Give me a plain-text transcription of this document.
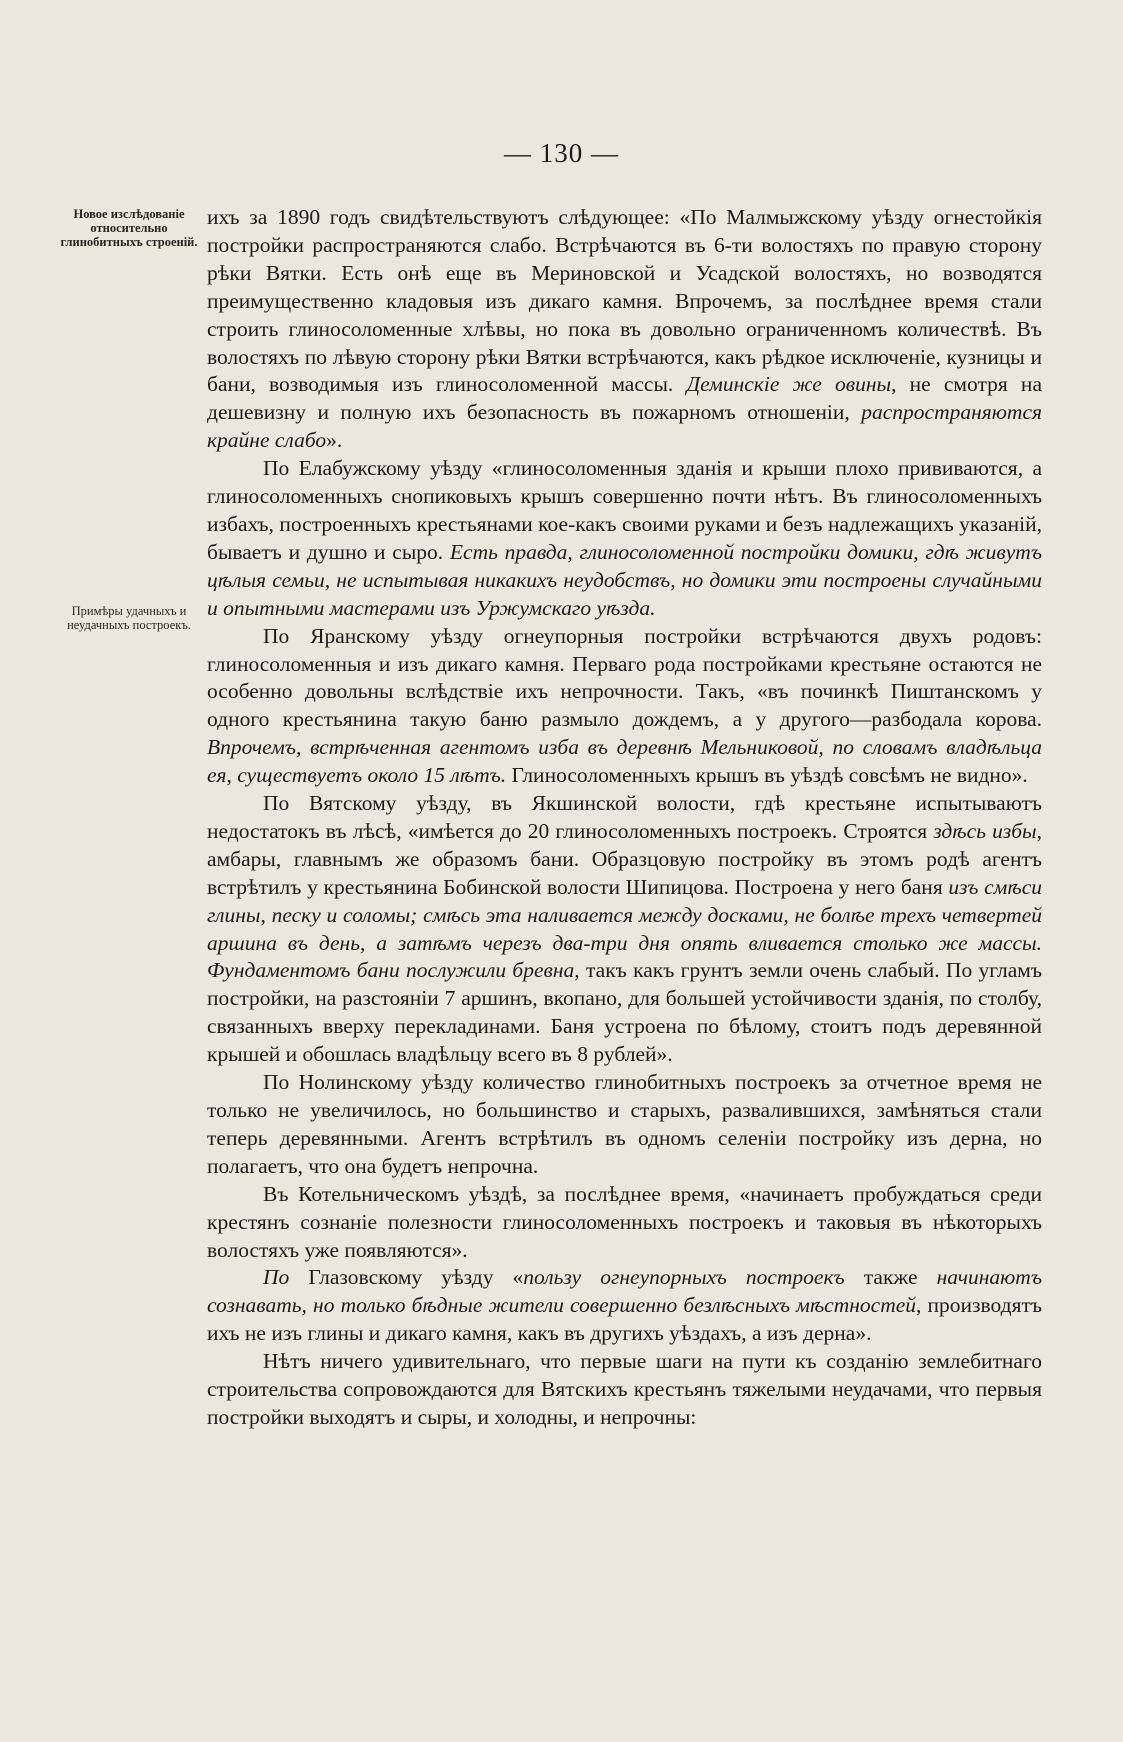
— 130 —
Новое изслѣдованіе относительно глинобитныхъ строеній.
Примѣры удачныхъ и неудачныхъ построекъ.

ихъ за 1890 годъ свидѣтельствуютъ слѣдующее: «По Малмыжскому уѣзду огнестойкія постройки распространяются слабо. Встрѣчаются въ 6-ти волостяхъ по правую сторону рѣки Вятки. Есть онѣ еще въ Мериновской и Усадской волостяхъ, но возводятся преимущественно кладовыя изъ дикаго камня. Впрочемъ, за послѣднее время стали строить глиносоломенные хлѣвы, но пока въ довольно ограниченномъ количествѣ. Въ волостяхъ по лѣвую сторону рѣки Вятки встрѣчаются, какъ рѣдкое исключеніе, кузницы и бани, возводимыя изъ глиносоломенной массы. Деминскіе же овины, не смотря на дешевизну и полную ихъ безопасность въ пожарномъ отношеніи, распространяются крайне слабо».

По Елабужскому уѣзду «глиносоломенныя зданія и крыши плохо прививаются, а глиносоломенныхъ снопиковыхъ крышъ совершенно почти нѣтъ. Въ глиносоломенныхъ избахъ, построенныхъ крестьянами кое-какъ своими руками и безъ надлежащихъ указаній, бываетъ и душно и сыро. Есть правда, глиносоломенной постройки домики, гдѣ живутъ цѣлыя семьи, не испытывая никакихъ неудобствъ, но домики эти построены случайными и опытными мастерами изъ Уржумскаго уѣзда.

По Яранскому уѣзду огнеупорныя постройки встрѣчаются двухъ родовъ: глиносоломенныя и изъ дикаго камня. Перваго рода постройками крестьяне остаются не особенно довольны вслѣдствіе ихъ непрочности. Такъ, «въ починкѣ Пиштанскомъ у одного крестьянина такую баню размыло дождемъ, а у другого—разбодала корова. Впрочемъ, встрѣченная агентомъ изба въ деревнѣ Мельниковой, по словамъ владѣльца ея, существуетъ около 15 лѣтъ. Глиносоломенныхъ крышъ въ уѣздѣ совсѣмъ не видно».

По Вятскому уѣзду, въ Якшинской волости, гдѣ крестьяне испытываютъ недостатокъ въ лѣсѣ, «имѣется до 20 глиносоломенныхъ построекъ. Строятся здѣсь избы, амбары, главнымъ же образомъ бани. Образцовую постройку въ этомъ родѣ агентъ встрѣтилъ у крестьянина Бобинской волости Шипицова. Построена у него баня изъ смѣси глины, песку и соломы; смѣсь эта наливается между досками, не болѣе трехъ четвертей аршина въ день, а затѣмъ черезъ два-три дня опять вливается столько же массы. Фундаментомъ бани послужили бревна, такъ какъ грунтъ земли очень слабый. По угламъ постройки, на разстояніи 7 аршинъ, вкопано, для большей устойчивости зданія, по столбу, связанныхъ вверху перекладинами. Баня устроена по бѣлому, стоитъ подъ деревянной крышей и обошлась владѣльцу всего въ 8 рублей».

По Нолинскому уѣзду количество глинобитныхъ построекъ за отчетное время не только не увеличилось, но большинство и старыхъ, развалившихся, замѣняться стали теперь деревянными. Агентъ встрѣтилъ въ одномъ селеніи постройку изъ дерна, но полагаетъ, что она будетъ непрочна.

Въ Котельническомъ уѣздѣ, за послѣднее время, «начинаетъ пробуждаться среди крестянъ сознаніе полезности глиносоломенныхъ построекъ и таковыя въ нѣкоторыхъ волостяхъ уже появляются».

По Глазовскому уѣзду «пользу огнеупорныхъ построекъ также начинаютъ сознавать, но только бѣдные жители совершенно безлѣсныхъ мѣстностей, производятъ ихъ не изъ глины и дикаго камня, какъ въ другихъ уѣздахъ, а изъ дерна».

Нѣтъ ничего удивительнаго, что первые шаги на пути къ созданію землебитнаго строительства сопровождаются для Вятскихъ крестьянъ тяжелыми неудачами, что первыя постройки выходятъ и сыры, и холодны, и непрочны:
